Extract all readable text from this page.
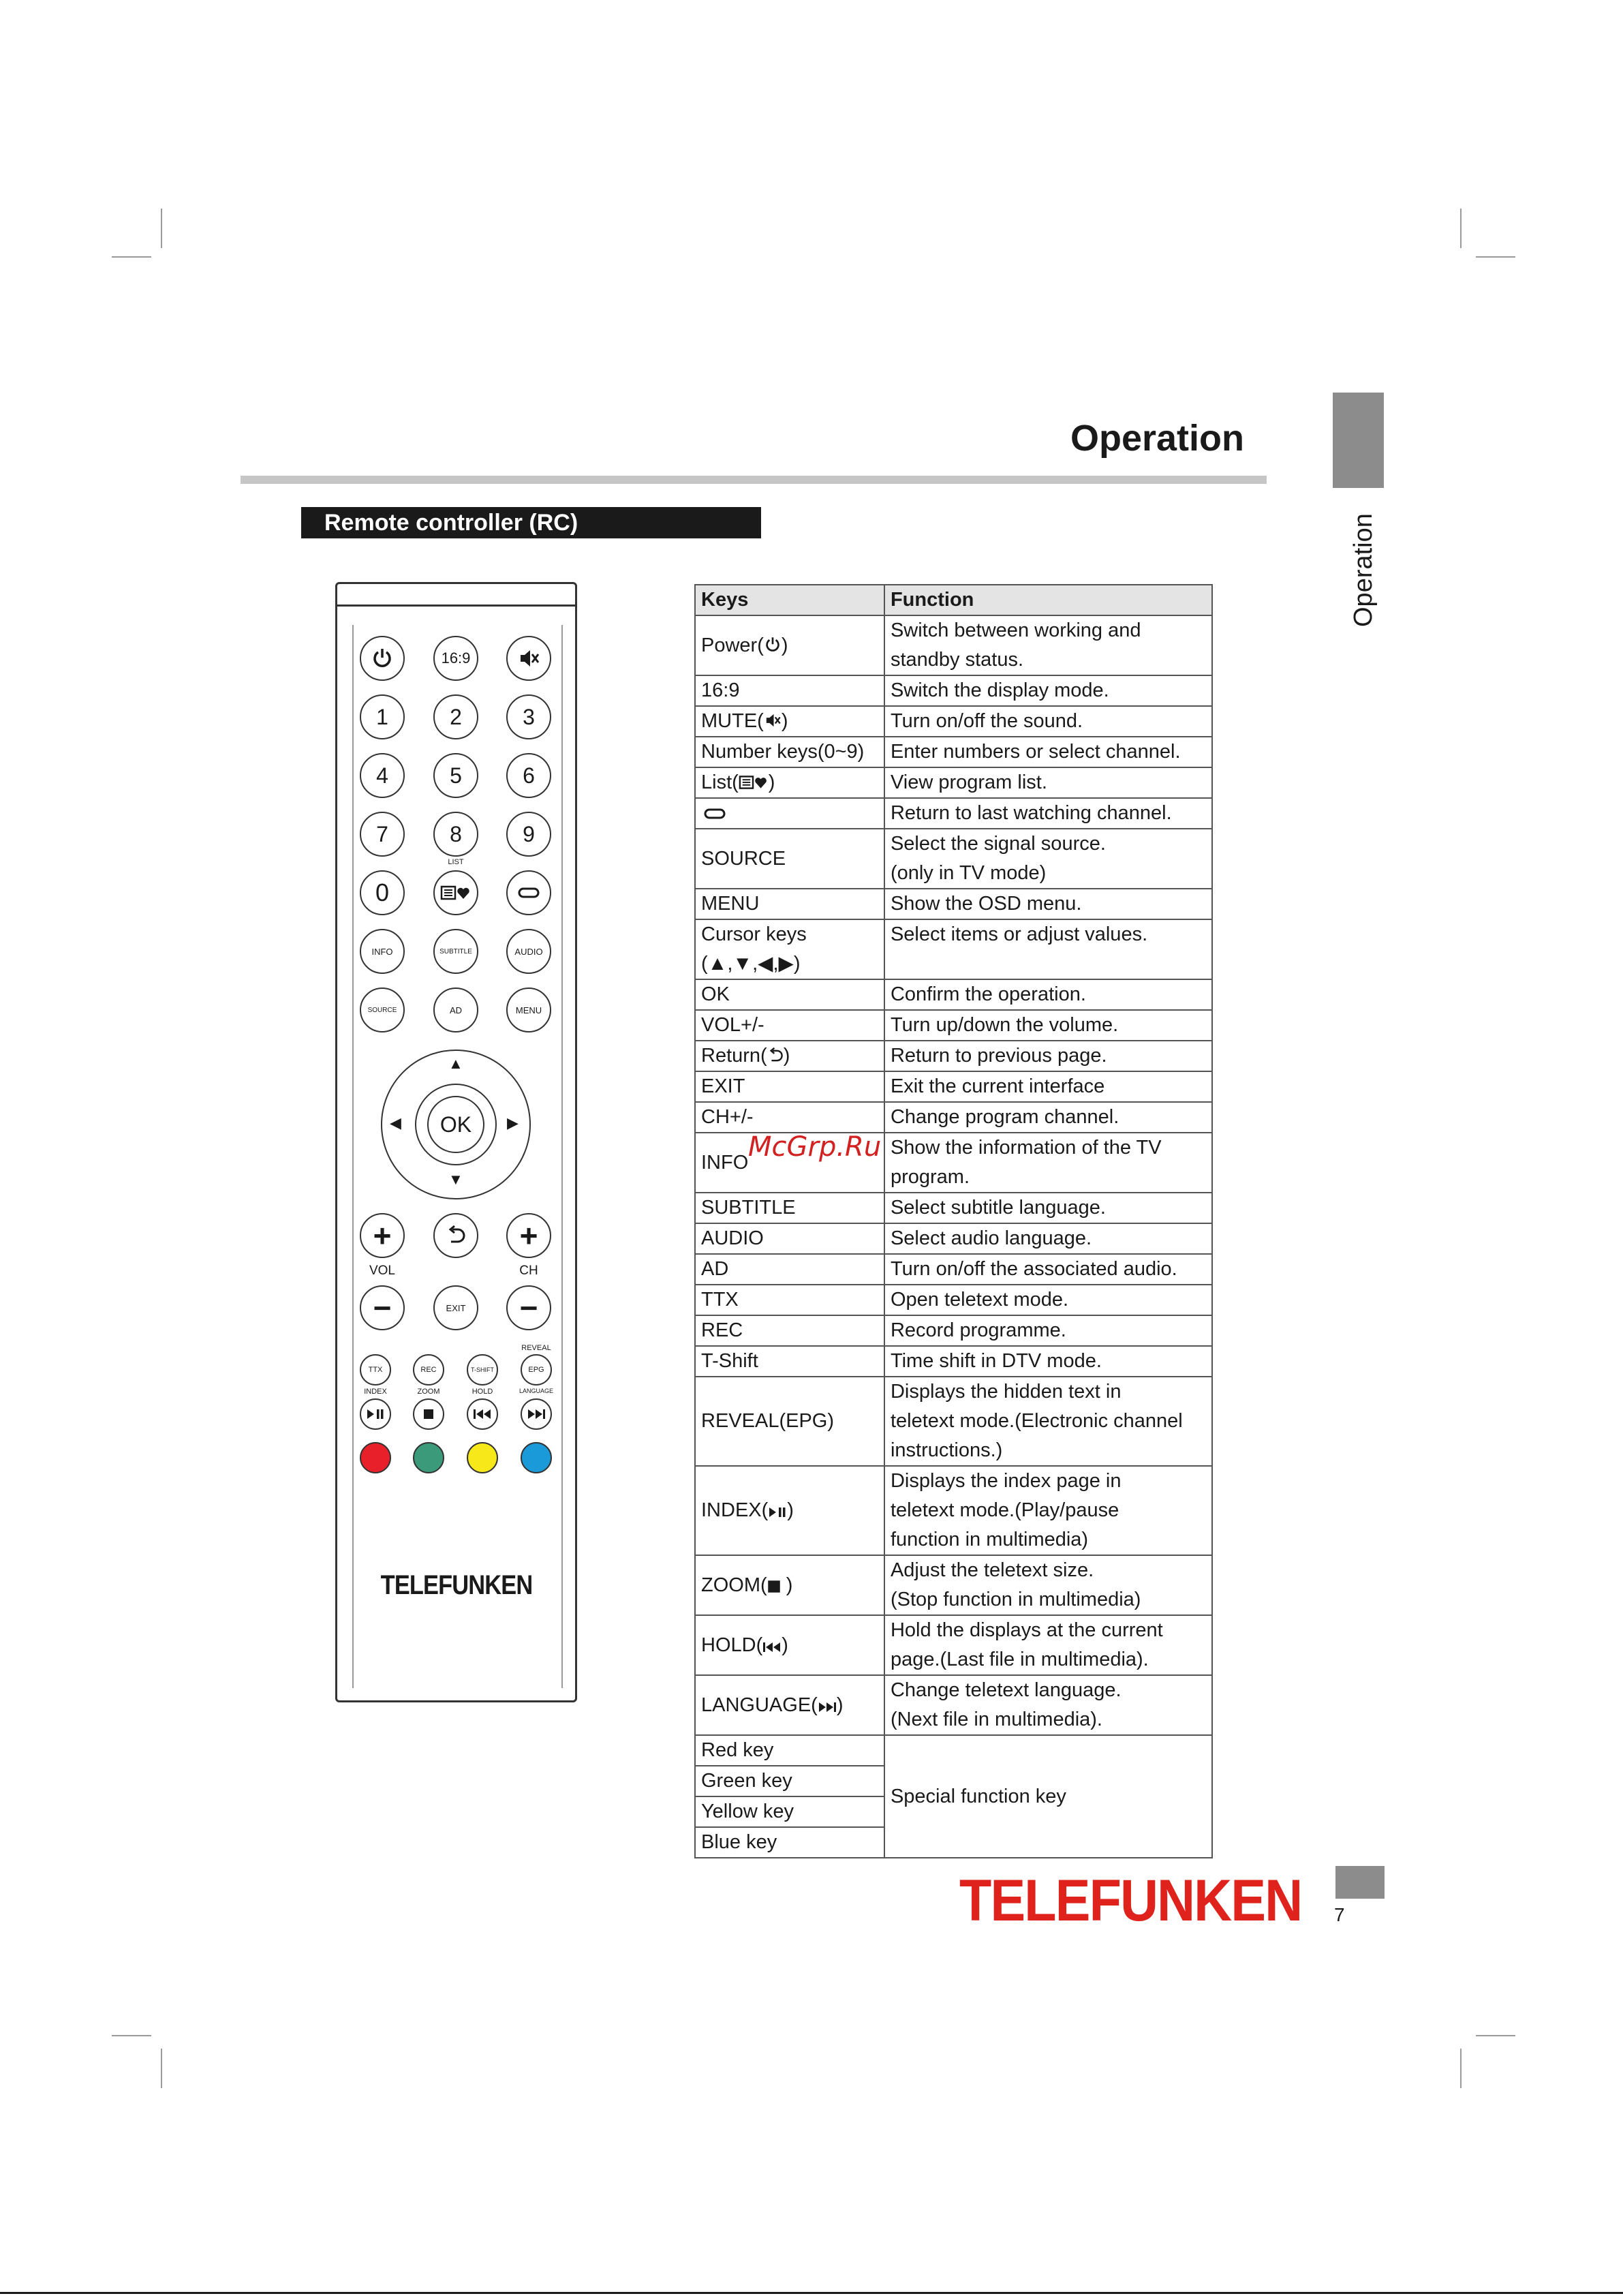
Operation
Operation
Remote controller (RC)
16:9
1	2	3
4	5	6
7	8	9
LIST
0
INFO	SUBTITLE	AUDIO
SOURCE	AD	MENU
OK
▲
▼
◀	▶
+	+
VOL	CH
−	EXIT	−
REVEAL
TTX	REC	T-SHIFT	EPG
INDEX	ZOOM	HOLD	LANGUAGE
TELEFUNKEN
Keys	Function
Power( )	Switch between working and
standby status.

16:9	Switch the display mode.
MUTE( )	Turn on/off the sound.
Number keys(0~9)	Enter numbers or select channel.
List( )	View program list.
	Return to last watching channel.
SOURCE	Select the signal source.
(only in TV mode)

MENU	Show the OSD menu.

Cursor keys
(▲,▼,◀,▶)	Select items or adjust values.
OK	Confirm the operation.
VOL+/-	Turn up/down the volume.
Return( )	Return to previous page.
EXIT	Exit the current interface
CH+/-	Change program channel.
INFO	Show the information of the TV
program.

SUBTITLE	Select subtitle language.
AUDIO	Select audio language.
AD	Turn on/off the associated audio.
TTX	Open teletext mode.
REC	Record programme.
T-Shift	Time shift in DTV mode.
REVEAL(EPG)	Displays the hidden text in
teletext mode.(Electronic channel
instructions.)

INDEX( )	Displays the index page in
teletext mode.(Play/pause
function in multimedia)

ZOOM( )	Adjust the teletext size.
(Stop function in multimedia)

HOLD( )	Hold the displays at the current
page.(Last file in multimedia).

LANGUAGE( )	Change teletext language.
(Next file in multimedia).

Red key	Special function key
Green key	
Yellow key	
Blue key	
McGrp.Ru
TELEFUNKEN 7
